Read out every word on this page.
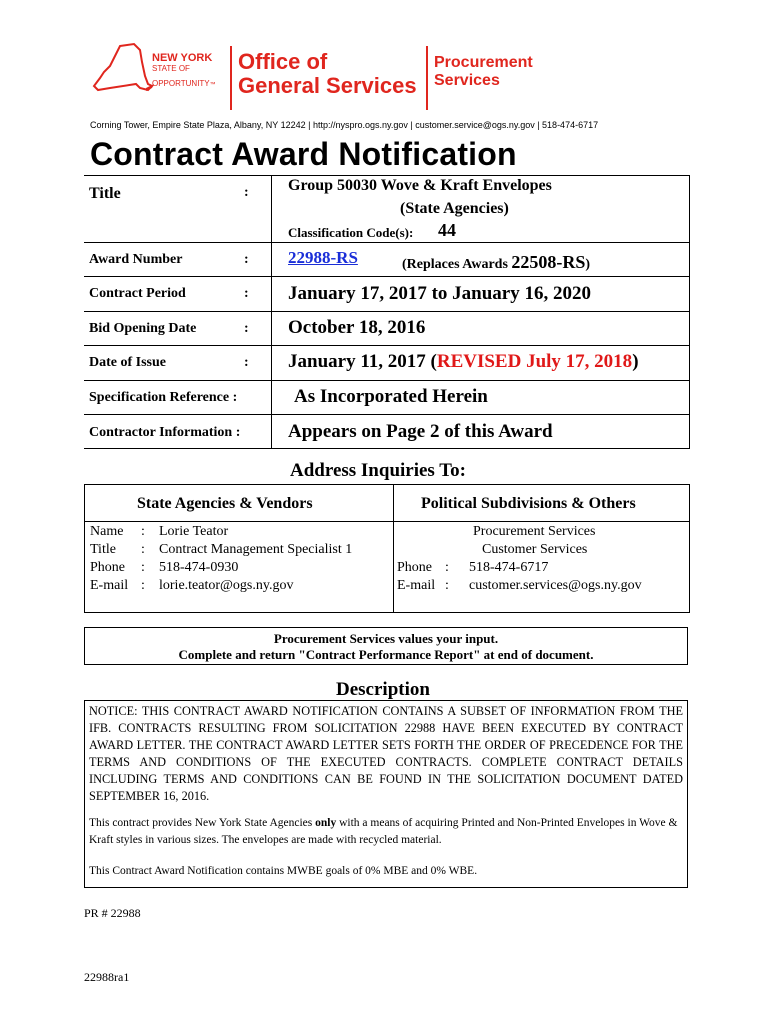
NEW YORK
STATE OF
OPPORTUNITY™
Office of
General Services
Procurement
Services
Corning Tower, Empire State Plaza, Albany, NY 12242 | http://nyspro.ogs.ny.gov | customer.service@ogs.ny.gov | 518-474-6717
Contract Award Notification
Title	: Group 50030 Wove & Kraft Envelopes
(State Agencies)
Classification Code(s): 44
Award Number	: 22988-RS	(Replaces Awards 22508-RS)
Contract Period	: January 17, 2017 to January 16, 2020
Bid Opening Date	: October 18, 2016
Date of Issue	: January 11, 2017 (REVISED July 17, 2018)
Specification Reference :	As Incorporated Herein
Contractor Information :	Appears on Page 2 of this Award
Address Inquiries To:
State Agencies & Vendors	Political Subdivisions & Others
Name : Lorie Teator
Title : Contract Management Specialist 1
Phone : 518-474-0930
E-mail : lorie.teator@ogs.ny.gov
Procurement Services
Customer Services
Phone : 518-474-6717
E-mail : customer.services@ogs.ny.gov
Procurement Services values your input.
Complete and return "Contract Performance Report" at end of document.
Description
NOTICE: THIS CONTRACT AWARD NOTIFICATION CONTAINS A SUBSET OF INFORMATION FROM THE IFB. CONTRACTS RESULTING FROM SOLICITATION 22988 HAVE BEEN EXECUTED BY CONTRACT AWARD LETTER. THE CONTRACT AWARD LETTER SETS FORTH THE ORDER OF PRECEDENCE FOR THE TERMS AND CONDITIONS OF THE EXECUTED CONTRACTS. COMPLETE CONTRACT DETAILS INCLUDING TERMS AND CONDITIONS CAN BE FOUND IN THE SOLICITATION DOCUMENT DATED SEPTEMBER 16, 2016.
This contract provides New York State Agencies only with a means of acquiring Printed and Non-Printed Envelopes in Wove & Kraft styles in various sizes. The envelopes are made with recycled material.
This Contract Award Notification contains MWBE goals of 0% MBE and 0% WBE.
PR # 22988
22988ra1
